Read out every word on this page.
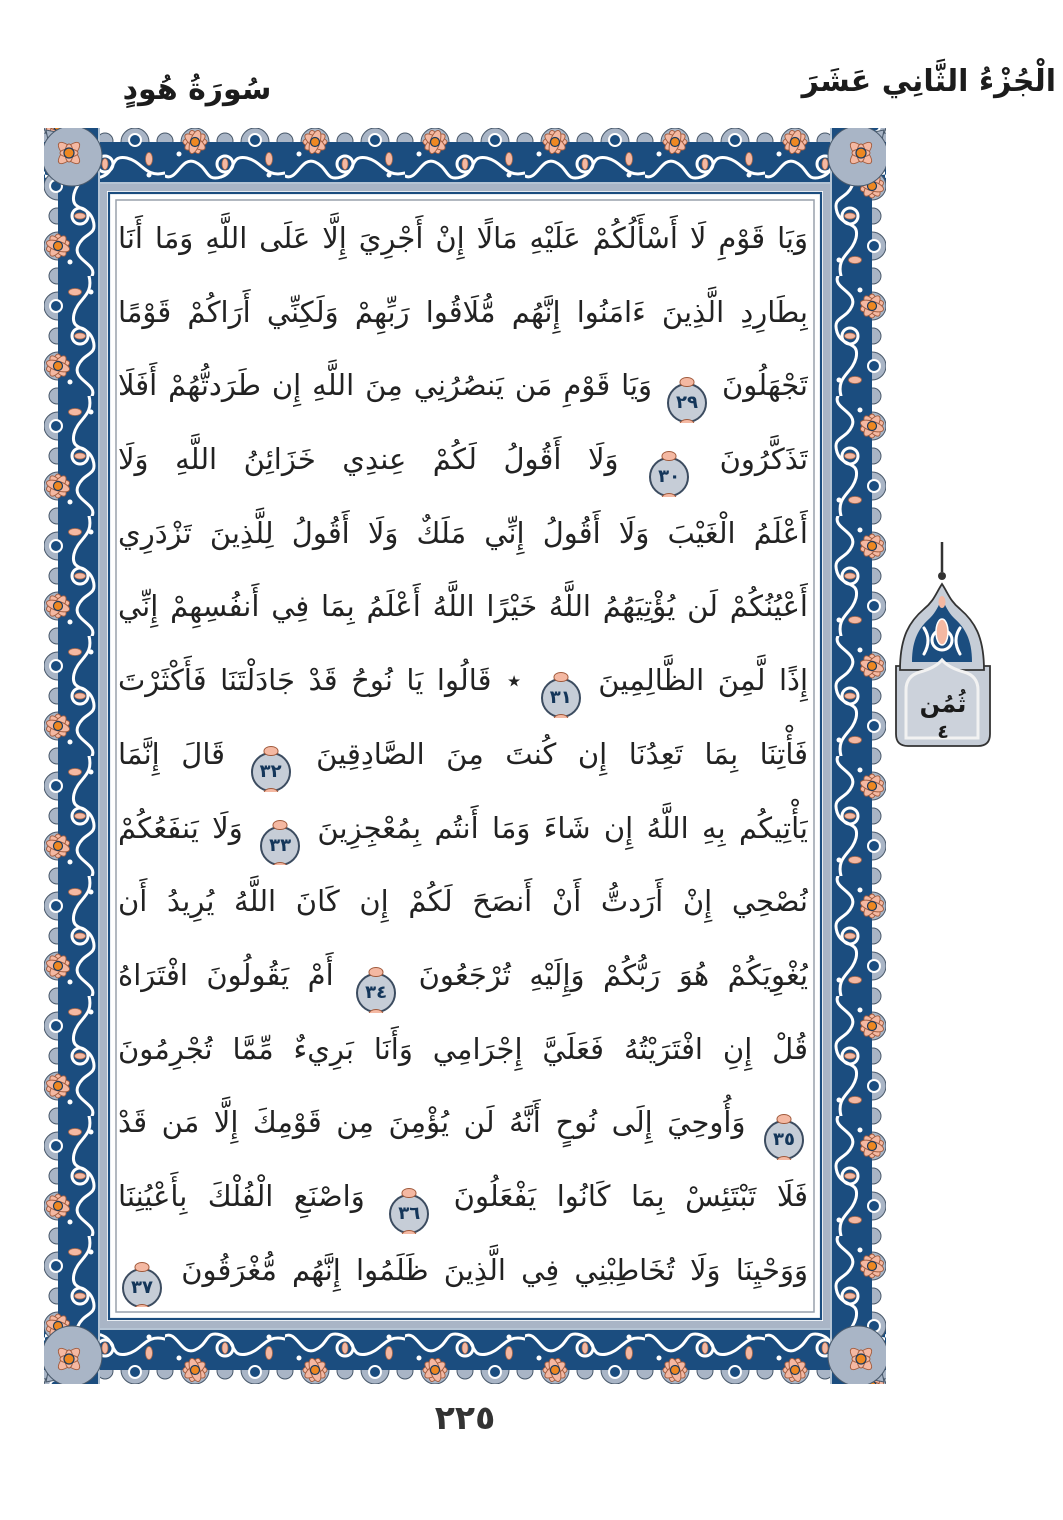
الْجُزْءُ الثَّانِي عَشَرَ
سُورَةُ هُودٍ
وَيَا قَوْمِ لَا أَسْأَلُكُمْ عَلَيْهِ مَالًا إِنْ أَجْرِيَ إِلَّا عَلَى اللَّهِ وَمَا أَنَا
بِطَارِدِ الَّذِينَ ءَامَنُوا إِنَّهُم مُّلَاقُوا رَبِّهِمْ وَلَكِنِّي أَرَاكُمْ قَوْمًا
تَجْهَلُونَ ٢٩ وَيَا قَوْمِ مَن يَنصُرُنِي مِنَ اللَّهِ إِن طَرَدتُّهُمْ أَفَلَا
تَذَكَّرُونَ ٣٠ وَلَا أَقُولُ لَكُمْ عِندِي خَزَائِنُ اللَّهِ وَلَا
أَعْلَمُ الْغَيْبَ وَلَا أَقُولُ إِنِّي مَلَكٌ وَلَا أَقُولُ لِلَّذِينَ تَزْدَرِي
أَعْيُنُكُمْ لَن يُؤْتِيَهُمُ اللَّهُ خَيْرًا اللَّهُ أَعْلَمُ بِمَا فِي أَنفُسِهِمْ إِنِّي
إِذًا لَّمِنَ الظَّالِمِينَ ٣١ ٭ قَالُوا يَا نُوحُ قَدْ جَادَلْتَنَا فَأَكْثَرْتَ
فَأْتِنَا بِمَا تَعِدُنَا إِن كُنتَ مِنَ الصَّادِقِينَ ٣٢ قَالَ إِنَّمَا
يَأْتِيكُم بِهِ اللَّهُ إِن شَاءَ وَمَا أَنتُم بِمُعْجِزِينَ ٣٣ وَلَا يَنفَعُكُمْ
نُصْحِي إِنْ أَرَدتُّ أَنْ أَنصَحَ لَكُمْ إِن كَانَ اللَّهُ يُرِيدُ أَن
يُغْوِيَكُمْ هُوَ رَبُّكُمْ وَإِلَيْهِ تُرْجَعُونَ ٣٤ أَمْ يَقُولُونَ افْتَرَاهُ
قُلْ إِنِ افْتَرَيْتُهُ فَعَلَيَّ إِجْرَامِي وَأَنَا بَرِيءٌ مِّمَّا تُجْرِمُونَ
٣٥ وَأُوحِيَ إِلَى نُوحٍ أَنَّهُ لَن يُؤْمِنَ مِن قَوْمِكَ إِلَّا مَن قَدْ
فَلَا تَبْتَئِسْ بِمَا كَانُوا يَفْعَلُونَ ٣٦ وَاصْنَعِ الْفُلْكَ بِأَعْيُنِنَا
وَوَحْيِنَا وَلَا تُخَاطِبْنِي فِي الَّذِينَ ظَلَمُوا إِنَّهُم مُّغْرَقُونَ ٣٧
ثُمُن
٤
٢٢٥
